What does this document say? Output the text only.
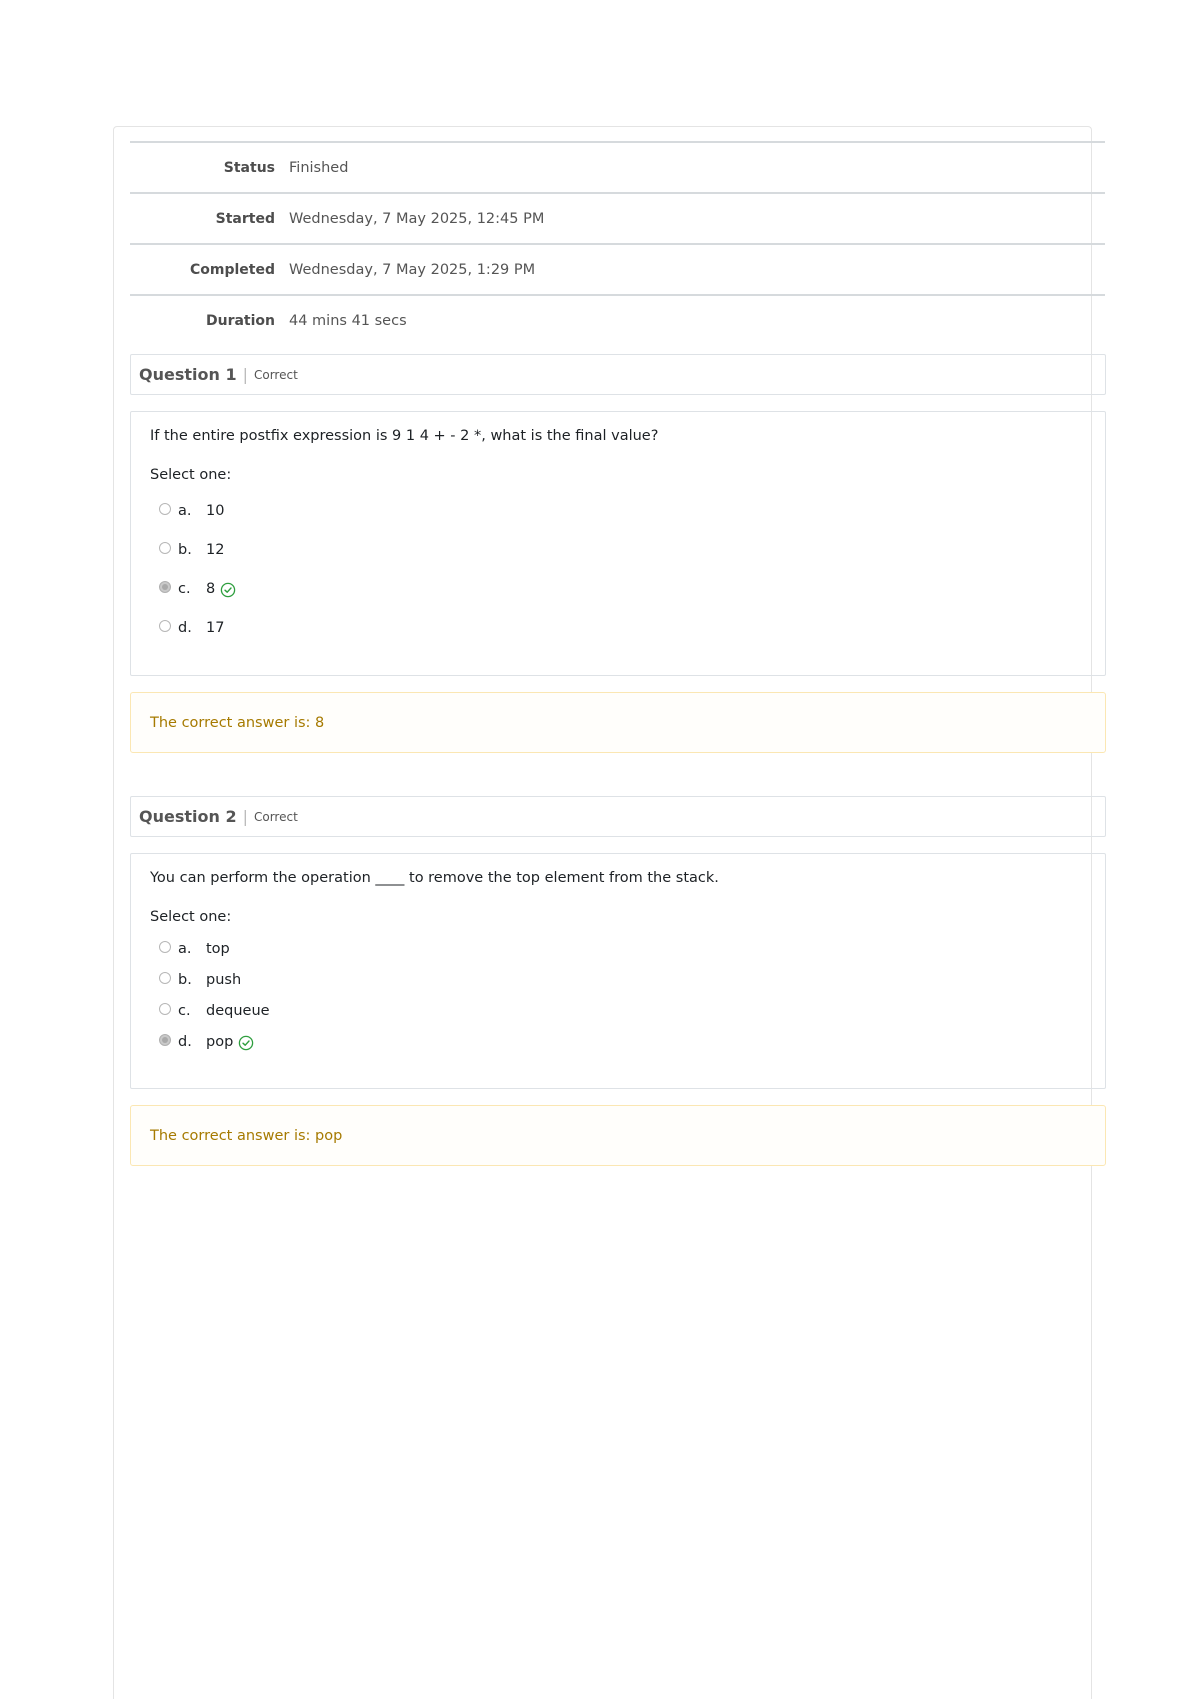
Status	Finished
Started	Wednesday, 7 May 2025, 12:45 PM
Completed	Wednesday, 7 May 2025, 1:29 PM
Duration	44 mins 41 secs
Question 1 | Correct

If the entire postfix expression is 9 1 4 + - 2 *, what is the final value?

Select one:
a.	10
b. 12
c.	8
d. 17
The correct answer is: 8
Question 2 | Correct

You can perform the operation ____ to remove the top element from the stack.

Select one:
a.	top
b. push
c.	dequeue
d. pop
The correct answer is: pop
